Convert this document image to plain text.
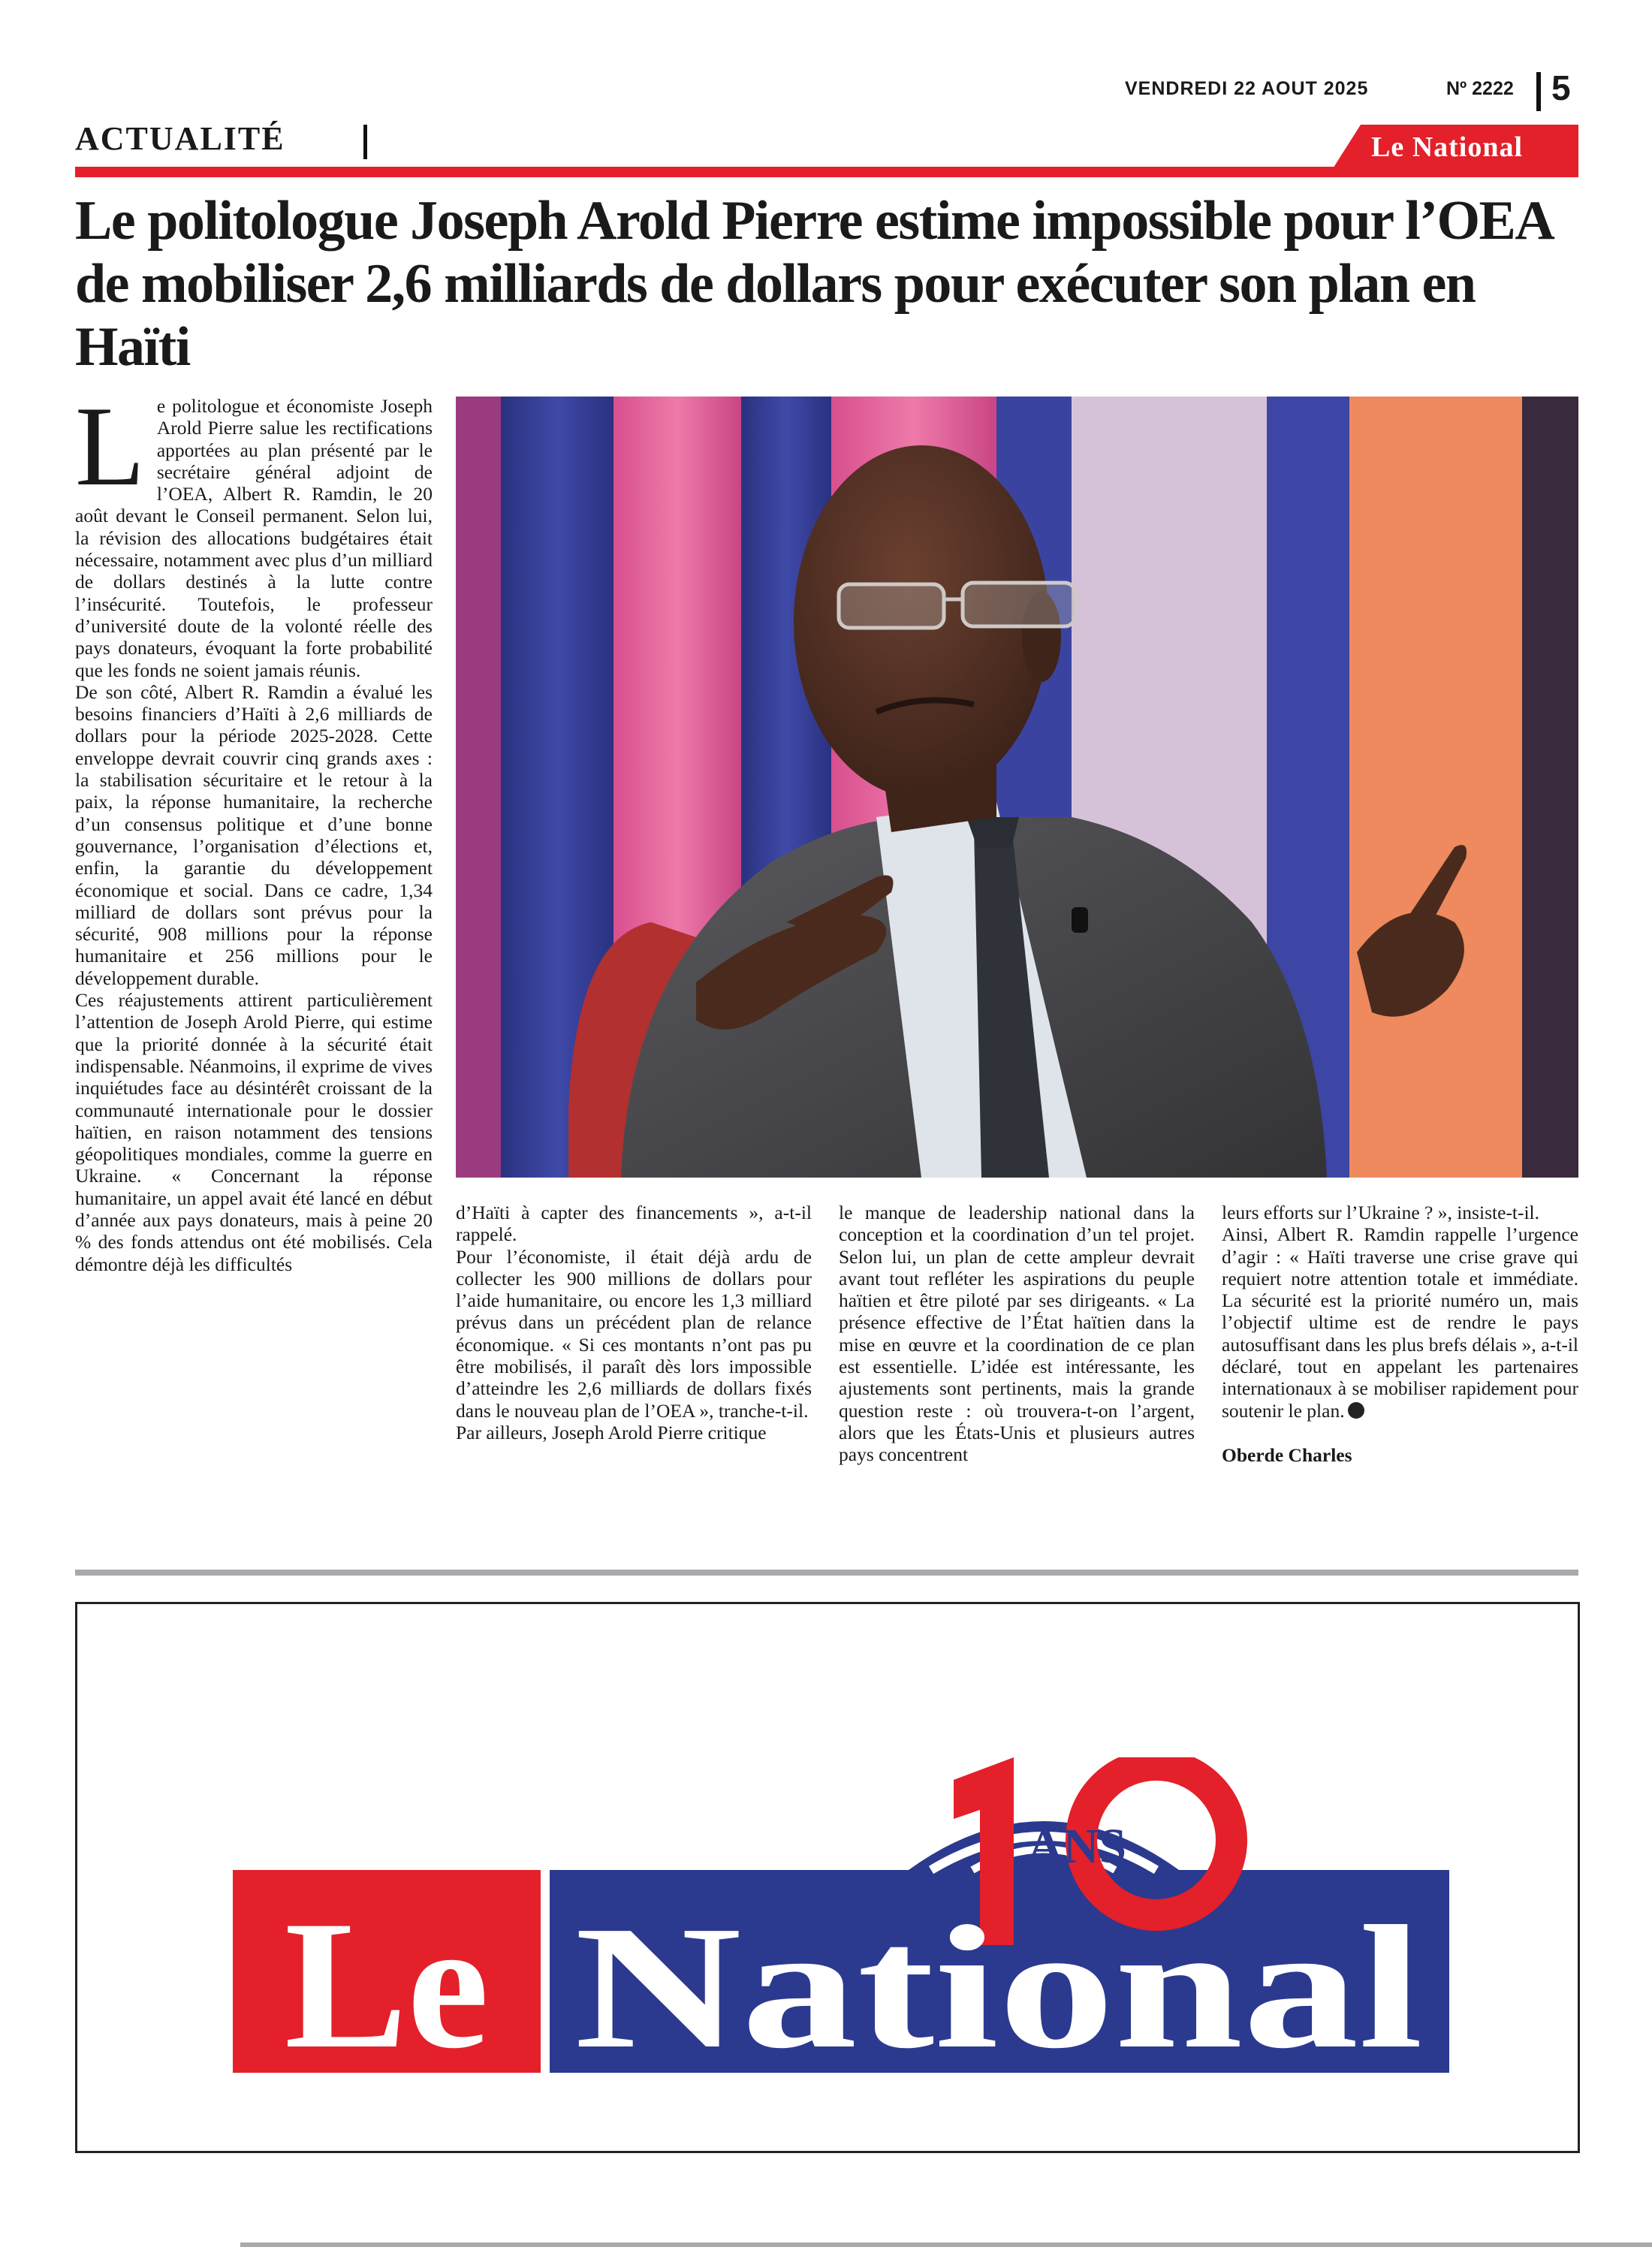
VENDREDI 22 AOUT 2025	Nº 2222 5
ACTUALITÉ	Le National
Le politologue Joseph Arold Pierre estime impossible pour l’OEA de mobiliser 2,6 milliards de dollars pour exécuter son plan en Haïti

Le politologue et économiste Joseph Arold Pierre salue les rectifications apportées au plan présenté par le secrétaire général adjoint de l’OEA, Albert R. Ramdin, le 20 août devant le Conseil permanent. Selon lui, la révision des allocations budgétaires était nécessaire, notamment avec plus d’un milliard de dollars destinés à la lutte contre l’insécurité. Toutefois, le professeur d’université doute de la volonté réelle des pays donateurs, évoquant la forte probabilité que les fonds ne soient jamais réunis.

De son côté, Albert R. Ramdin a évalué les besoins financiers d’Haïti à 2,6 milliards de dollars pour la période 2025-2028. Cette enveloppe devrait couvrir cinq grands axes : la stabilisation sécuritaire et le retour à la paix, la réponse humanitaire, la recherche d’un consensus politique et d’une bonne gouvernance, l’organisation d’élections et, enfin, la garantie du développement économique et social. Dans ce cadre, 1,34 milliard de dollars sont prévus pour la sécurité, 908 millions pour la réponse humanitaire et 256 millions pour le développement durable.

Ces réajustements attirent particulièrement l’attention de Joseph Arold Pierre, qui estime que la priorité donnée à la sécurité était indispensable. Néanmoins, il exprime de vives inquiétudes face au désintérêt croissant de la communauté internationale pour le dossier haïtien, en raison notamment des tensions géopolitiques mondiales, comme la guerre en Ukraine. « Concernant la réponse humanitaire, un appel avait été lancé en début d’année aux pays donateurs, mais à peine 20 % des fonds attendus ont été mobilisés. Cela démontre déjà les difficultés

d’Haïti à capter des financements », a-t-il rappelé.

Pour l’économiste, il était déjà ardu de collecter les 900 millions de dollars pour l’aide humanitaire, ou encore les 1,3 milliard prévus dans un précédent plan de relance économique. « Si ces montants n’ont pas pu être mobilisés, il paraît dès lors impossible d’atteindre les 2,6 milliards de dollars fixés dans le nouveau plan de l’OEA », tranche-t-il.

Par ailleurs, Joseph Arold Pierre critique

le manque de leadership national dans la conception et la coordination d’un tel projet. Selon lui, un plan de cette ampleur devrait avant tout refléter les aspirations du peuple haïtien et être piloté par ses dirigeants. « La présence effective de l’État haïtien dans la mise en œuvre et la coordination de ce plan est essentielle. L’idée est intéressante, les ajustements sont pertinents, mais la grande question reste : où trouvera-t-on l’argent, alors que les États-Unis et plusieurs autres pays concentrent

leurs efforts sur l’Ukraine ? », insiste-t-il.

Ainsi, Albert R. Ramdin rappelle l’urgence d’agir : « Haïti traverse une crise grave qui requiert notre attention totale et immédiate. La sécurité est la priorité numéro un, mais l’objectif ultime est de rendre le pays autosuffisant dans les plus brefs délais », a-t-il déclaré, tout en appelant les partenaires internationaux à se mobiliser rapidement pour soutenir le plan.

Oberde Charles

Le
ANS
National
